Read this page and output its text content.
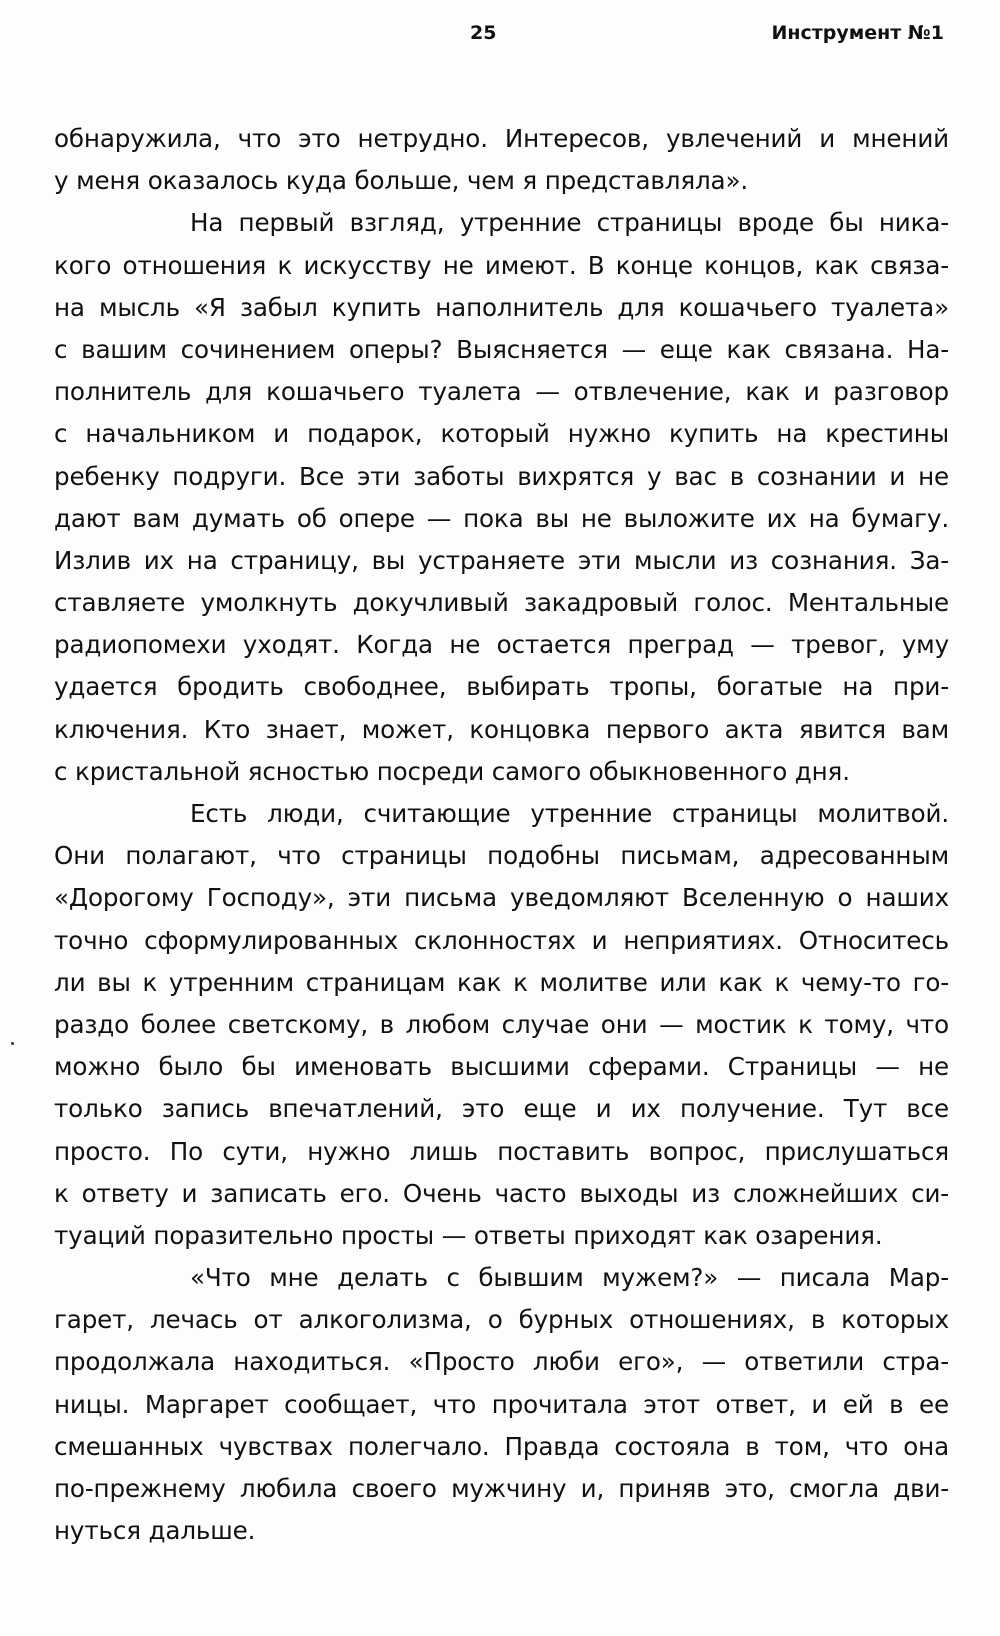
25	Инструмент №1

обнаружила, что это нетрудно. Интересов, увлечений и мнений
у меня оказалось куда больше, чем я представляла».

На первый взгляд, утренние страницы вроде бы ника-
кого отношения к искусству не имеют. В конце концов, как связа-
на мысль «Я забыл купить наполнитель для кошачьего туалета»
с вашим сочинением оперы? Выясняется — еще как связана. На-
полнитель для кошачьего туалета — отвлечение, как и разговор
с начальником и подарок, который нужно купить на крестины
ребенку подруги. Все эти заботы вихрятся у вас в сознании и не
дают вам думать об опере — пока вы не выложите их на бумагу.
Излив их на страницу, вы устраняете эти мысли из сознания. За-
ставляете умолкнуть докучливый закадровый голос. Ментальные
радиопомехи уходят. Когда не остается преград — тревог, уму
удается бродить свободнее, выбирать тропы, богатые на при-
ключения. Кто знает, может, концовка первого акта явится вам
с кристальной ясностью посреди самого обыкновенного дня.

Есть люди, считающие утренние страницы молитвой.
Они полагают, что страницы подобны письмам, адресованным
«Дорогому Господу», эти письма уведомляют Вселенную о наших
точно сформулированных склонностях и неприятиях. Относитесь
ли вы к утренним страницам как к молитве или как к чему-то го-
раздо более светскому, в любом случае они — мостик к тому, что
можно было бы именовать высшими сферами. Страницы — не
только запись впечатлений, это еще и их получение. Тут все
просто. По сути, нужно лишь поставить вопрос, прислушаться
к ответу и записать его. Очень часто выходы из сложнейших си-
туаций поразительно просты — ответы приходят как озарения.

«Что мне делать с бывшим мужем?» — писала Мар-
гарет, лечась от алкоголизма, о бурных отношениях, в которых
продолжала находиться. «Просто люби его», — ответили стра-
ницы. Маргарет сообщает, что прочитала этот ответ, и ей в ее
смешанных чувствах полегчало. Правда состояла в том, что она
по-прежнему любила своего мужчину и, приняв это, смогла дви-
нуться дальше.
